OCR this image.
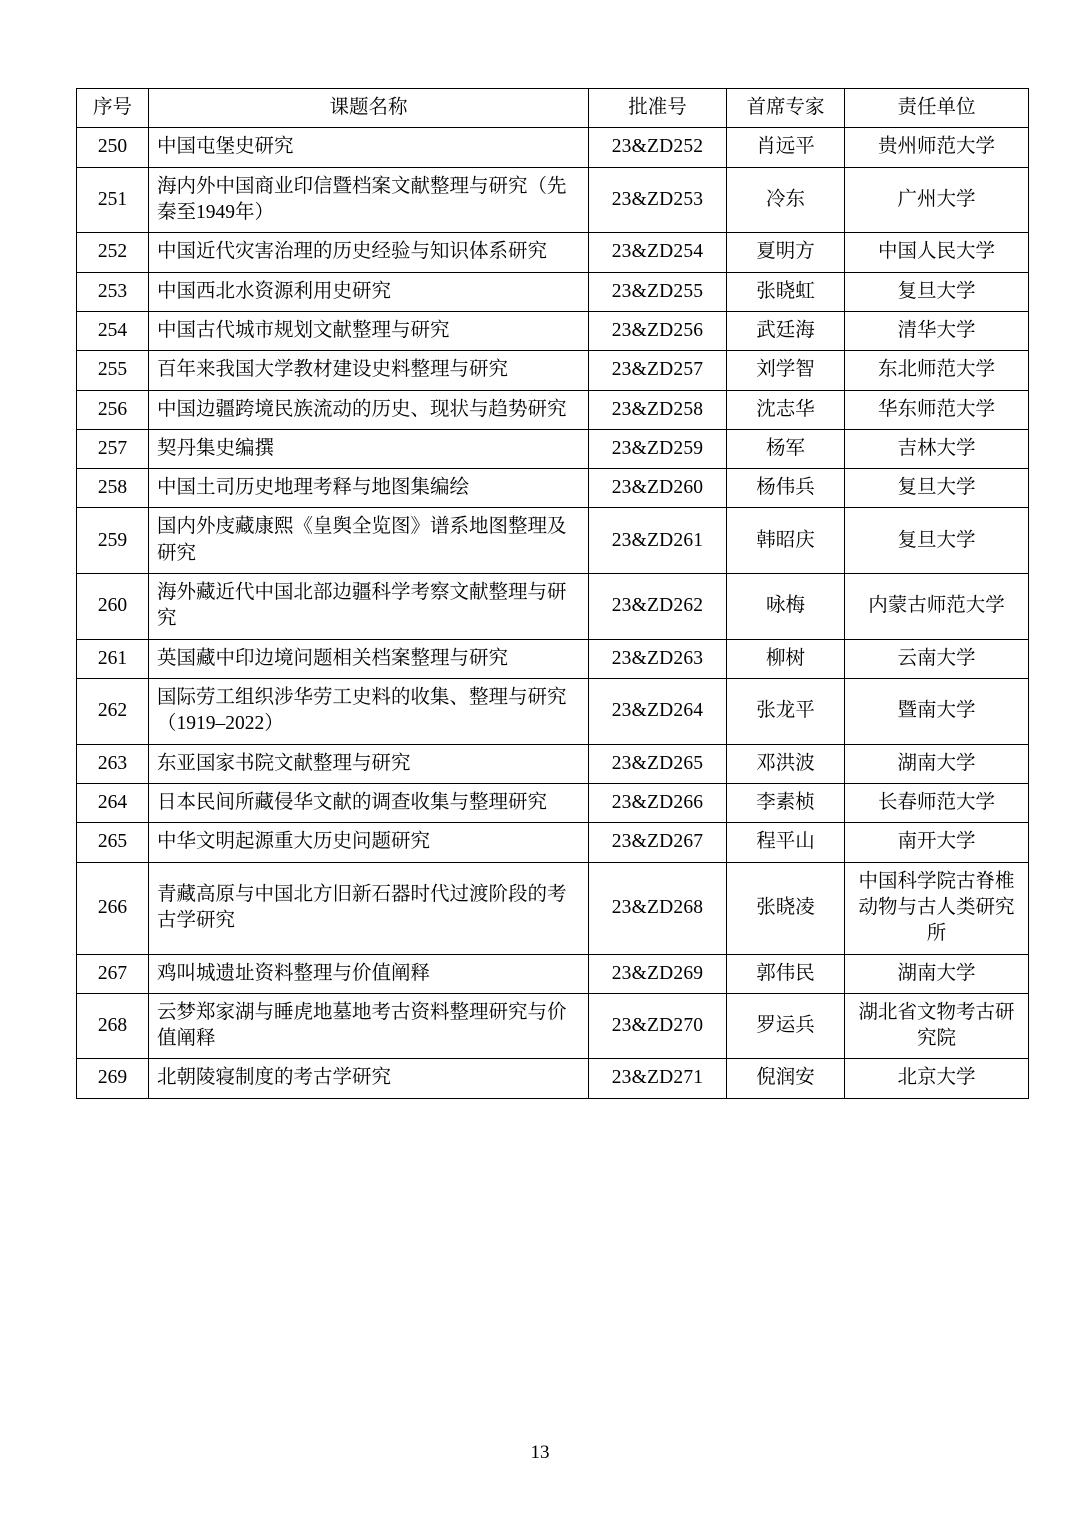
序号	课题名称	批准号	首席专家	责任单位
250	中国屯堡史研究	23&ZD252	肖远平	贵州师范大学
251	海内外中国商业印信暨档案文献整理与研究（先秦至1949年）	23&ZD253	冷东	广州大学
252	中国近代灾害治理的历史经验与知识体系研究	23&ZD254	夏明方	中国人民大学
253	中国西北水资源利用史研究	23&ZD255	张晓虹	复旦大学
254	中国古代城市规划文献整理与研究	23&ZD256	武廷海	清华大学
255	百年来我国大学教材建设史料整理与研究	23&ZD257	刘学智	东北师范大学
256	中国边疆跨境民族流动的历史、现状与趋势研究	23&ZD258	沈志华	华东师范大学
257	契丹集史编撰	23&ZD259	杨军	吉林大学
258	中国土司历史地理考释与地图集编绘	23&ZD260	杨伟兵	复旦大学
259	国内外庋藏康熙《皇舆全览图》谱系地图整理及研究	23&ZD261	韩昭庆	复旦大学
260	海外藏近代中国北部边疆科学考察文献整理与研究	23&ZD262	咏梅	内蒙古师范大学
261	英国藏中印边境问题相关档案整理与研究	23&ZD263	柳树	云南大学
262	国际劳工组织涉华劳工史料的收集、整理与研究（1919–2022）	23&ZD264	张龙平	暨南大学
263	东亚国家书院文献整理与研究	23&ZD265	邓洪波	湖南大学
264	日本民间所藏侵华文献的调查收集与整理研究	23&ZD266	李素桢	长春师范大学
265	中华文明起源重大历史问题研究	23&ZD267	程平山	南开大学
266	青藏高原与中国北方旧新石器时代过渡阶段的考古学研究	23&ZD268	张晓凌	中国科学院古脊椎动物与古人类研究所
267	鸡叫城遗址资料整理与价值阐释	23&ZD269	郭伟民	湖南大学
268	云梦郑家湖与睡虎地墓地考古资料整理研究与价值阐释	23&ZD270	罗运兵	湖北省文物考古研究院
269	北朝陵寝制度的考古学研究	23&ZD271	倪润安	北京大学
13
